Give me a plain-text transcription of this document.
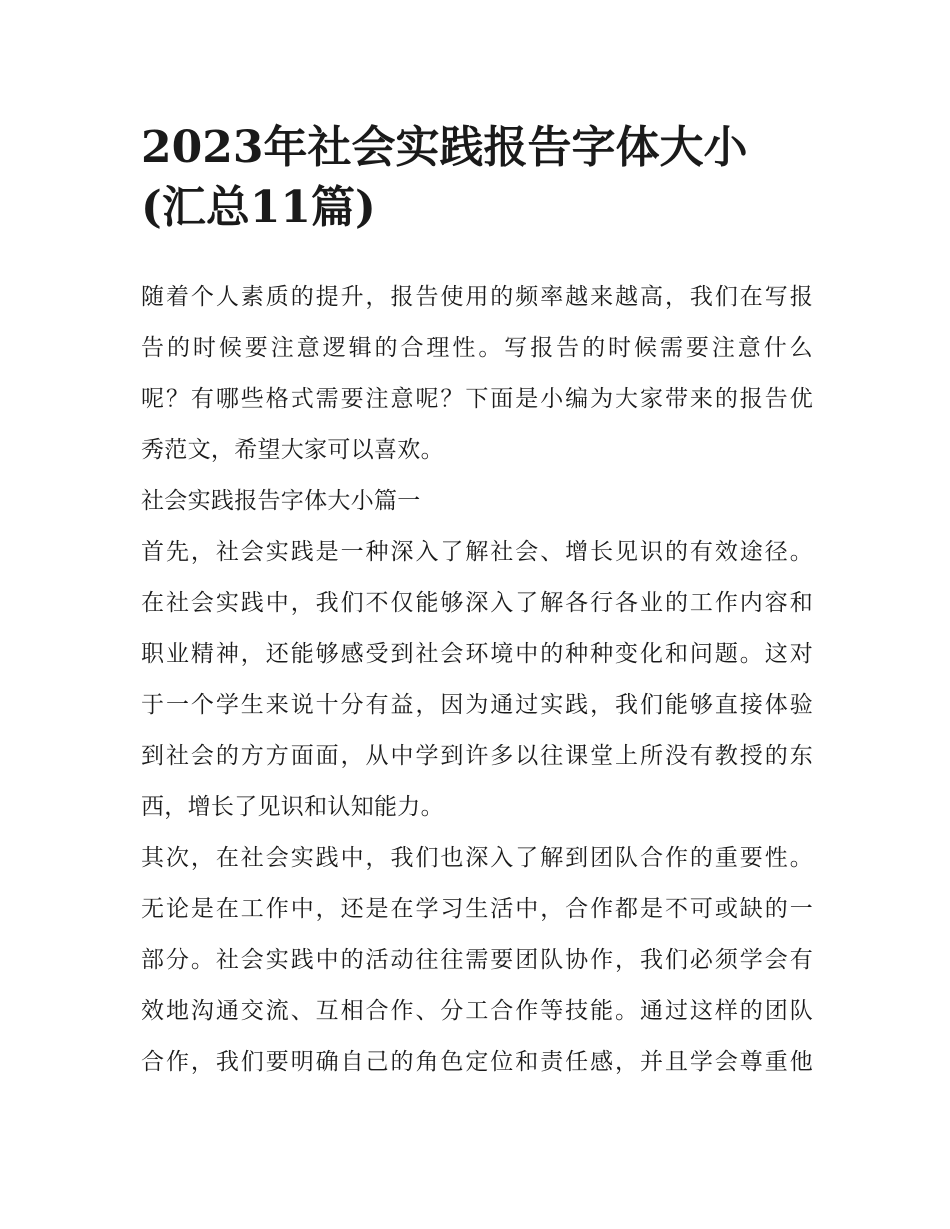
2023年社会实践报告字体大小
(汇总11篇)
随着个人素质的提升，报告使用的频率越来越高，我们在写报
告的时候要注意逻辑的合理性。写报告的时候需要注意什么
呢？有哪些格式需要注意呢？下面是小编为大家带来的报告优
秀范文，希望大家可以喜欢。
社会实践报告字体大小篇一
首先，社会实践是一种深入了解社会、增长见识的有效途径。
在社会实践中，我们不仅能够深入了解各行各业的工作内容和
职业精神，还能够感受到社会环境中的种种变化和问题。这对
于一个学生来说十分有益，因为通过实践，我们能够直接体验
到社会的方方面面，从中学到许多以往课堂上所没有教授的东
西，增长了见识和认知能力。
其次，在社会实践中，我们也深入了解到团队合作的重要性。
无论是在工作中，还是在学习生活中，合作都是不可或缺的一
部分。社会实践中的活动往往需要团队协作，我们必须学会有
效地沟通交流、互相合作、分工合作等技能。通过这样的团队
合作，我们要明确自己的角色定位和责任感，并且学会尊重他
